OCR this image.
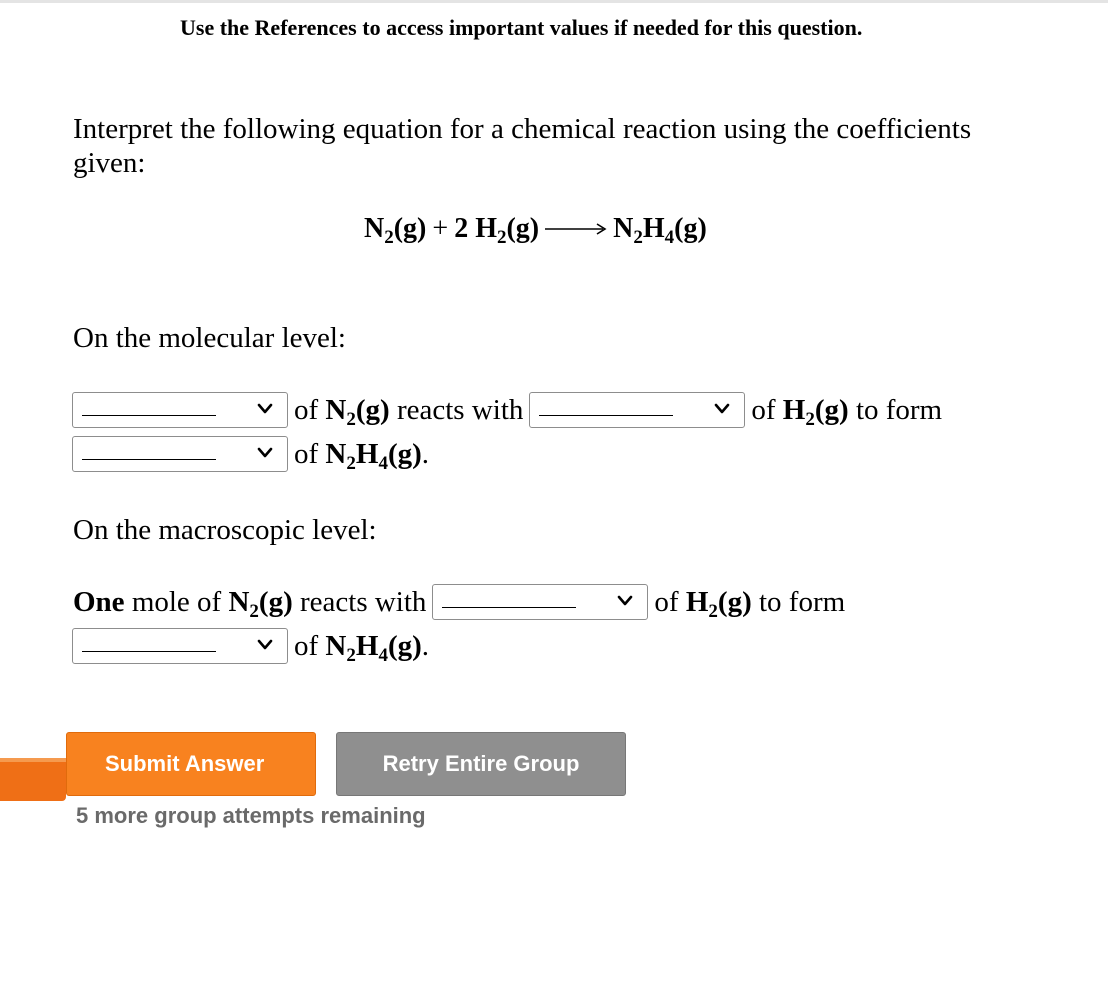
Use the References to access important values if needed for this question.
Interpret the following equation for a chemical reaction using the coefficients given:
$N_2(g) + 2$ $H_2(g) \to N_2H_4(g)$
On the molecular level:
of
$N_2(g)$
reacts with	of
$H_2(g)$
to form
of
$N_2H_4(g)$ .
On the macroscopic level:
One
mole of
$N_2(g)$
reacts with	of
$H_2(g)$
to form
of
$N_2H_4(g)$ .
Submit Answer	Retry Entire Group
5 more group attempts remaining
